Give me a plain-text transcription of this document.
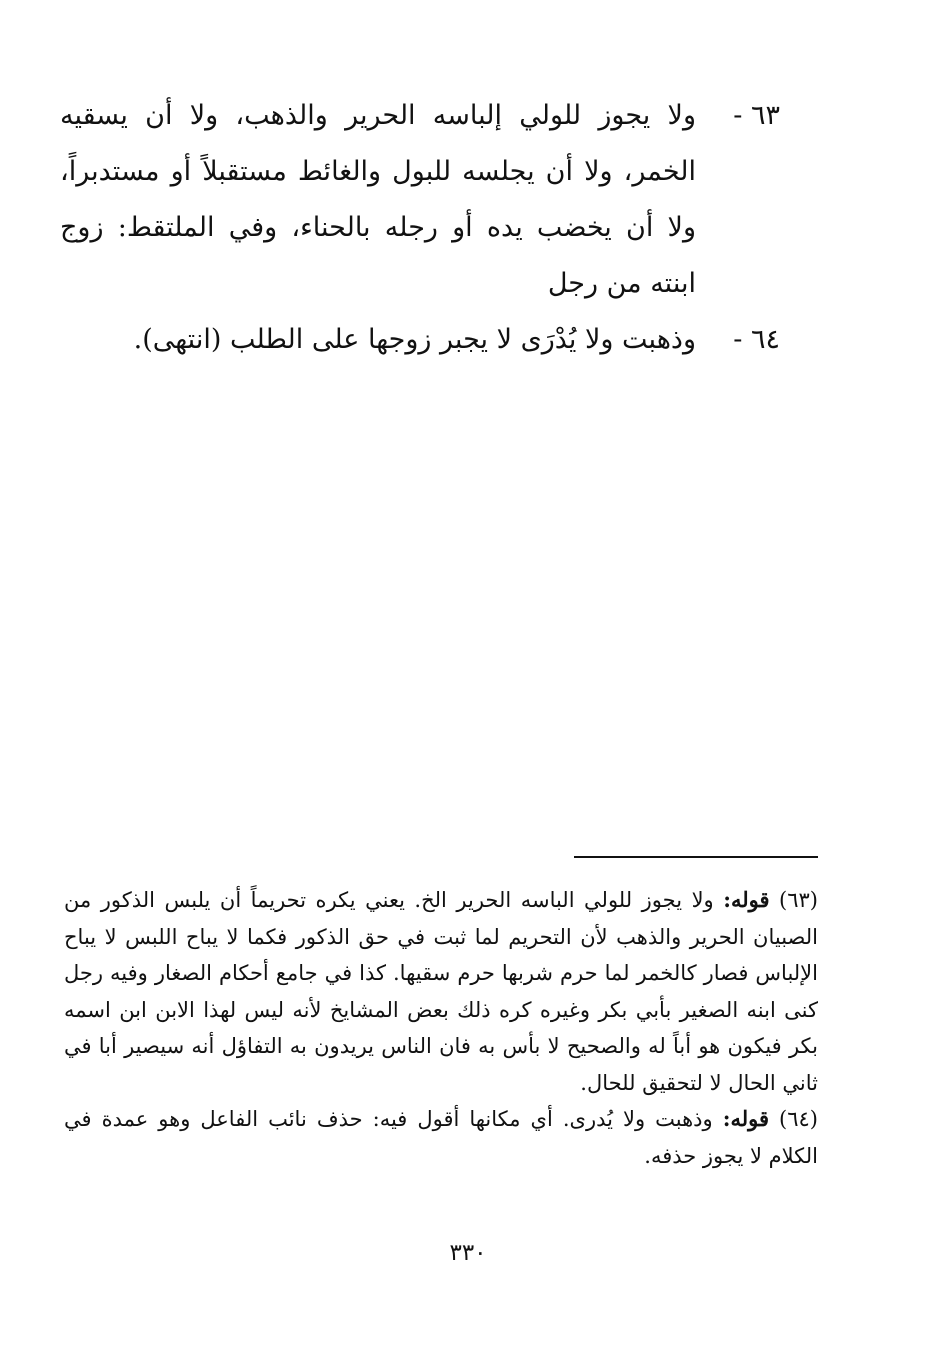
٦٣ -
ولا يجوز للولي إلباسه الحرير والذهب، ولا أن يسقيه الخمر، ولا أن يجلسه للبول والغائط مستقبلاً أو مستدبراً، ولا أن يخضب يده أو رجله بالحناء، وفي الملتقط: زوج ابنته من رجل
٦٤ -
وذهبت ولا يُدْرَى لا يجبر زوجها على الطلب (انتهى).

(٦٣) قوله: ولا يجوز للولي الباسه الحرير الخ. يعني يكره تحريماً أن يلبس الذكور من الصبيان الحرير والذهب لأن التحريم لما ثبت في حق الذكور فكما لا يباح اللبس لا يباح الإلباس فصار كالخمر لما حرم شربها حرم سقيها. كذا في جامع أحكام الصغار وفيه رجل كنى ابنه الصغير بأبي بكر وغيره كره ذلك بعض المشايخ لأنه ليس لهذا الابن ابن اسمه بكر فيكون هو أباً له والصحيح لا بأس به فان الناس يريدون به التفاؤل أنه سيصير أبا في ثاني الحال لا لتحقيق للحال.

(٦٤) قوله: وذهبت ولا يُدرى. أي مكانها أقول فيه: حذف نائب الفاعل وهو عمدة في الكلام لا يجوز حذفه.

٣٣٠
